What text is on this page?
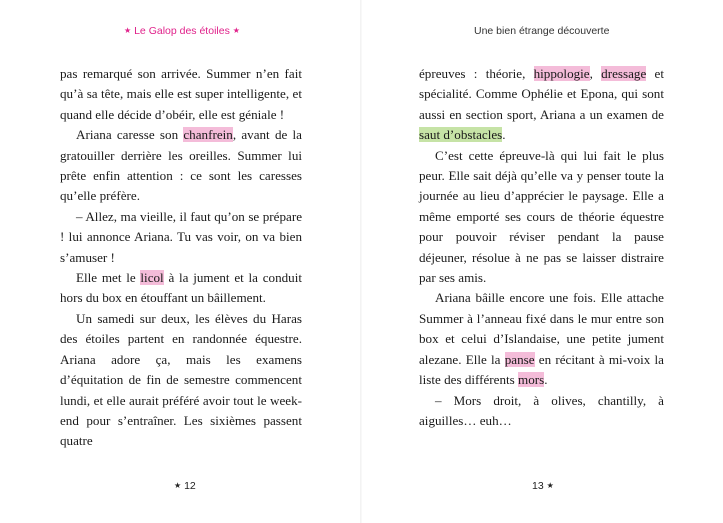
★ Le Galop des étoiles ★

pas remarqué son arrivée. Summer n’en fait qu’à sa tête, mais elle est super intelligente, et quand elle décide d’obéir, elle est géniale !

Ariana caresse son chanfrein, avant de la gratouiller derrière les oreilles. Summer lui prête enfin attention : ce sont les caresses qu’elle préfère.

– Allez, ma vieille, il faut qu’on se prépare ! lui annonce Ariana. Tu vas voir, on va bien s’amuser !

Elle met le licol à la jument et la conduit hors du box en étouffant un bâillement.

Un samedi sur deux, les élèves du Haras des étoiles partent en randonnée équestre. Ariana adore ça, mais les examens d’équitation de fin de semestre commencent lundi, et elle aurait préféré avoir tout le week-end pour s’entraîner. Les sixièmes passent quatre

★ 12
Une bien étrange découverte

épreuves : théorie, hippologie, dressage et spécialité. Comme Ophélie et Epona, qui sont aussi en section sport, Ariana a un examen de saut d’obstacles.

C’est cette épreuve-là qui lui fait le plus peur. Elle sait déjà qu’elle va y penser toute la journée au lieu d’apprécier le paysage. Elle a même emporté ses cours de théorie équestre pour pouvoir réviser pendant la pause déjeuner, résolue à ne pas se laisser distraire par ses amis.

Ariana bâille encore une fois. Elle attache Summer à l’anneau fixé dans le mur entre son box et celui d’Islandaise, une petite jument alezane. Elle la panse en récitant à mi-voix la liste des différents mors.

– Mors droit, à olives, chantilly, à aiguilles… euh…

13 ★
